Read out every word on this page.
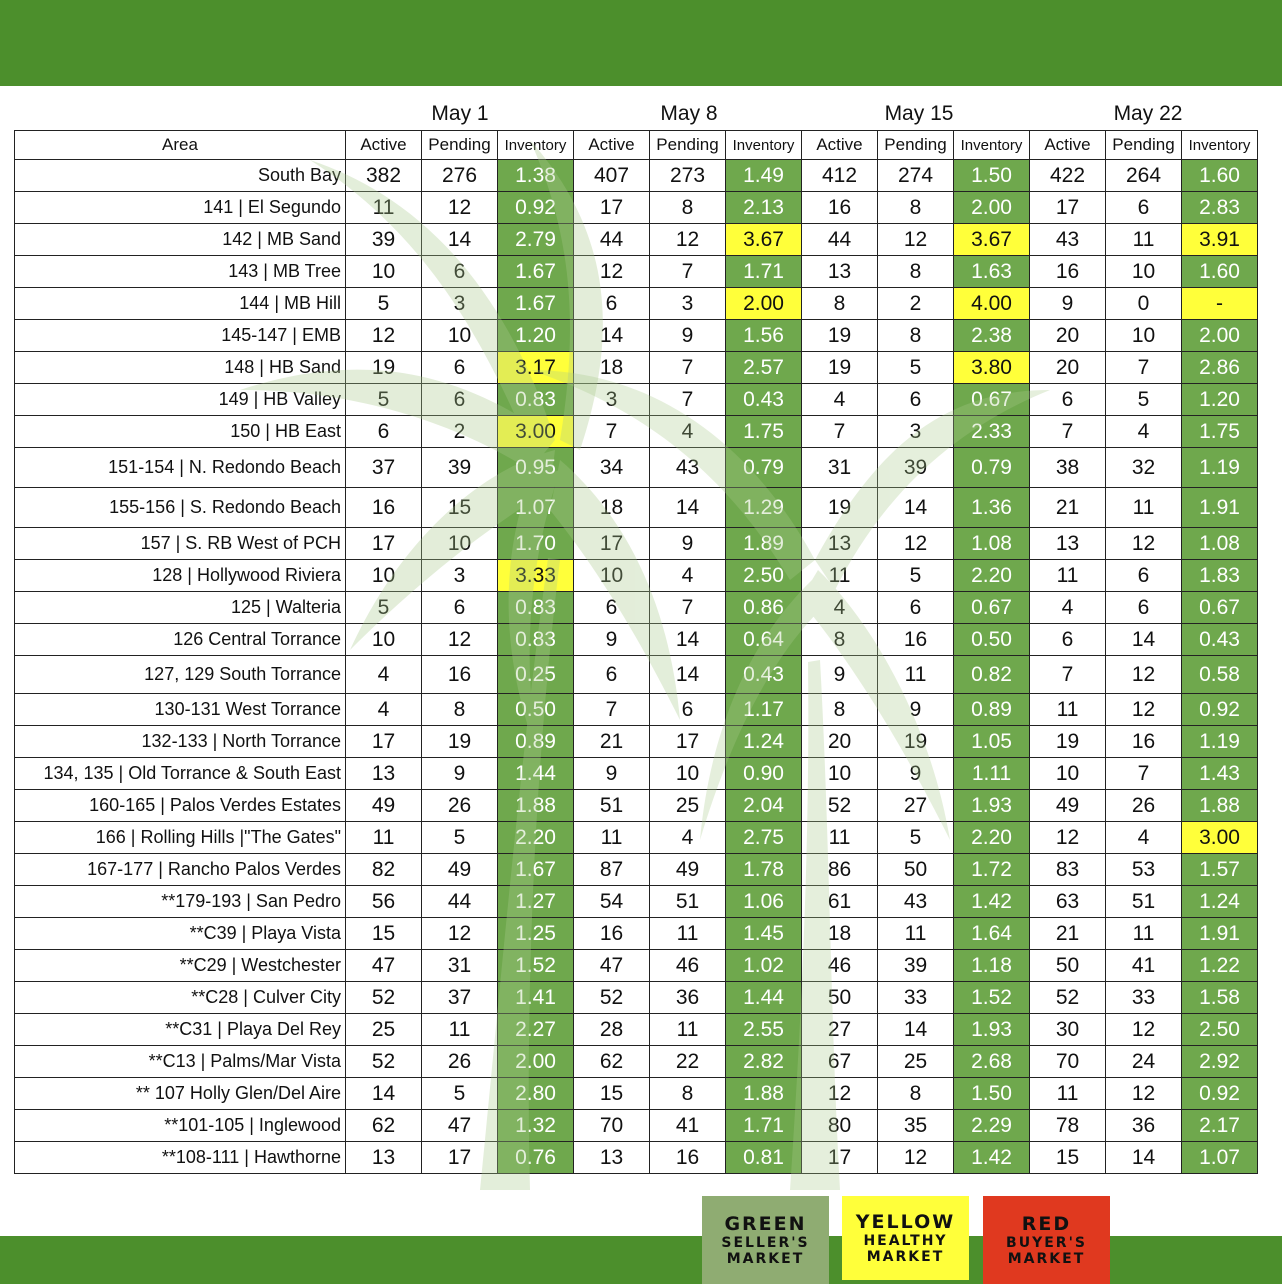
May 1	May 8	May 15	May 22
Area	Active	Pending	Inventory	Active	Pending	Inventory	Active	Pending	Inventory	Active	Pending	Inventory
South Bay	382	276	1.38	407	273	1.49	412	274	1.50	422	264	1.60
141 | El Segundo	11	12	0.92	17	8	2.13	16	8	2.00	17	6	2.83
142 | MB Sand	39	14	2.79	44	12	3.67	44	12	3.67	43	11	3.91
143 | MB Tree	10	6	1.67	12	7	1.71	13	8	1.63	16	10	1.60
144 | MB Hill	5	3	1.67	6	3	2.00	8	2	4.00	9	0	-
145-147 | EMB	12	10	1.20	14	9	1.56	19	8	2.38	20	10	2.00
148 | HB Sand	19	6	3.17	18	7	2.57	19	5	3.80	20	7	2.86
149 | HB Valley	5	6	0.83	3	7	0.43	4	6	0.67	6	5	1.20
150 | HB East	6	2	3.00	7	4	1.75	7	3	2.33	7	4	1.75
151-154 | N. Redondo Beach	37	39	0.95	34	43	0.79	31	39	0.79	38	32	1.19
155-156 | S. Redondo Beach	16	15	1.07	18	14	1.29	19	14	1.36	21	11	1.91
157 | S. RB West of PCH	17	10	1.70	17	9	1.89	13	12	1.08	13	12	1.08
128 | Hollywood Riviera	10	3	3.33	10	4	2.50	11	5	2.20	11	6	1.83
125 | Walteria	5	6	0.83	6	7	0.86	4	6	0.67	4	6	0.67
126 Central Torrance	10	12	0.83	9	14	0.64	8	16	0.50	6	14	0.43
127, 129 South Torrance	4	16	0.25	6	14	0.43	9	11	0.82	7	12	0.58
130-131 West Torrance	4	8	0.50	7	6	1.17	8	9	0.89	11	12	0.92
132-133 | North Torrance	17	19	0.89	21	17	1.24	20	19	1.05	19	16	1.19
134, 135 | Old Torrance & South East	13	9	1.44	9	10	0.90	10	9	1.11	10	7	1.43
160-165 | Palos Verdes Estates	49	26	1.88	51	25	2.04	52	27	1.93	49	26	1.88
166 | Rolling Hills |"The Gates"	11	5	2.20	11	4	2.75	11	5	2.20	12	4	3.00
167-177 | Rancho Palos Verdes	82	49	1.67	87	49	1.78	86	50	1.72	83	53	1.57
**179-193 | San Pedro	56	44	1.27	54	51	1.06	61	43	1.42	63	51	1.24
**C39 | Playa Vista	15	12	1.25	16	11	1.45	18	11	1.64	21	11	1.91
**C29 | Westchester	47	31	1.52	47	46	1.02	46	39	1.18	50	41	1.22
**C28 | Culver City	52	37	1.41	52	36	1.44	50	33	1.52	52	33	1.58
**C31 | Playa Del Rey	25	11	2.27	28	11	2.55	27	14	1.93	30	12	2.50
**C13 | Palms/Mar Vista	52	26	2.00	62	22	2.82	67	25	2.68	70	24	2.92
** 107 Holly Glen/Del Aire	14	5	2.80	15	8	1.88	12	8	1.50	11	12	0.92
**101-105 | Inglewood	62	47	1.32	70	41	1.71	80	35	2.29	78	36	2.17
**108-111 | Hawthorne	13	17	0.76	13	16	0.81	17	12	1.42	15	14	1.07
GREEN
SELLER'S
MARKET
YELLOW
HEALTHY
MARKET
RED
BUYER'S
MARKET
